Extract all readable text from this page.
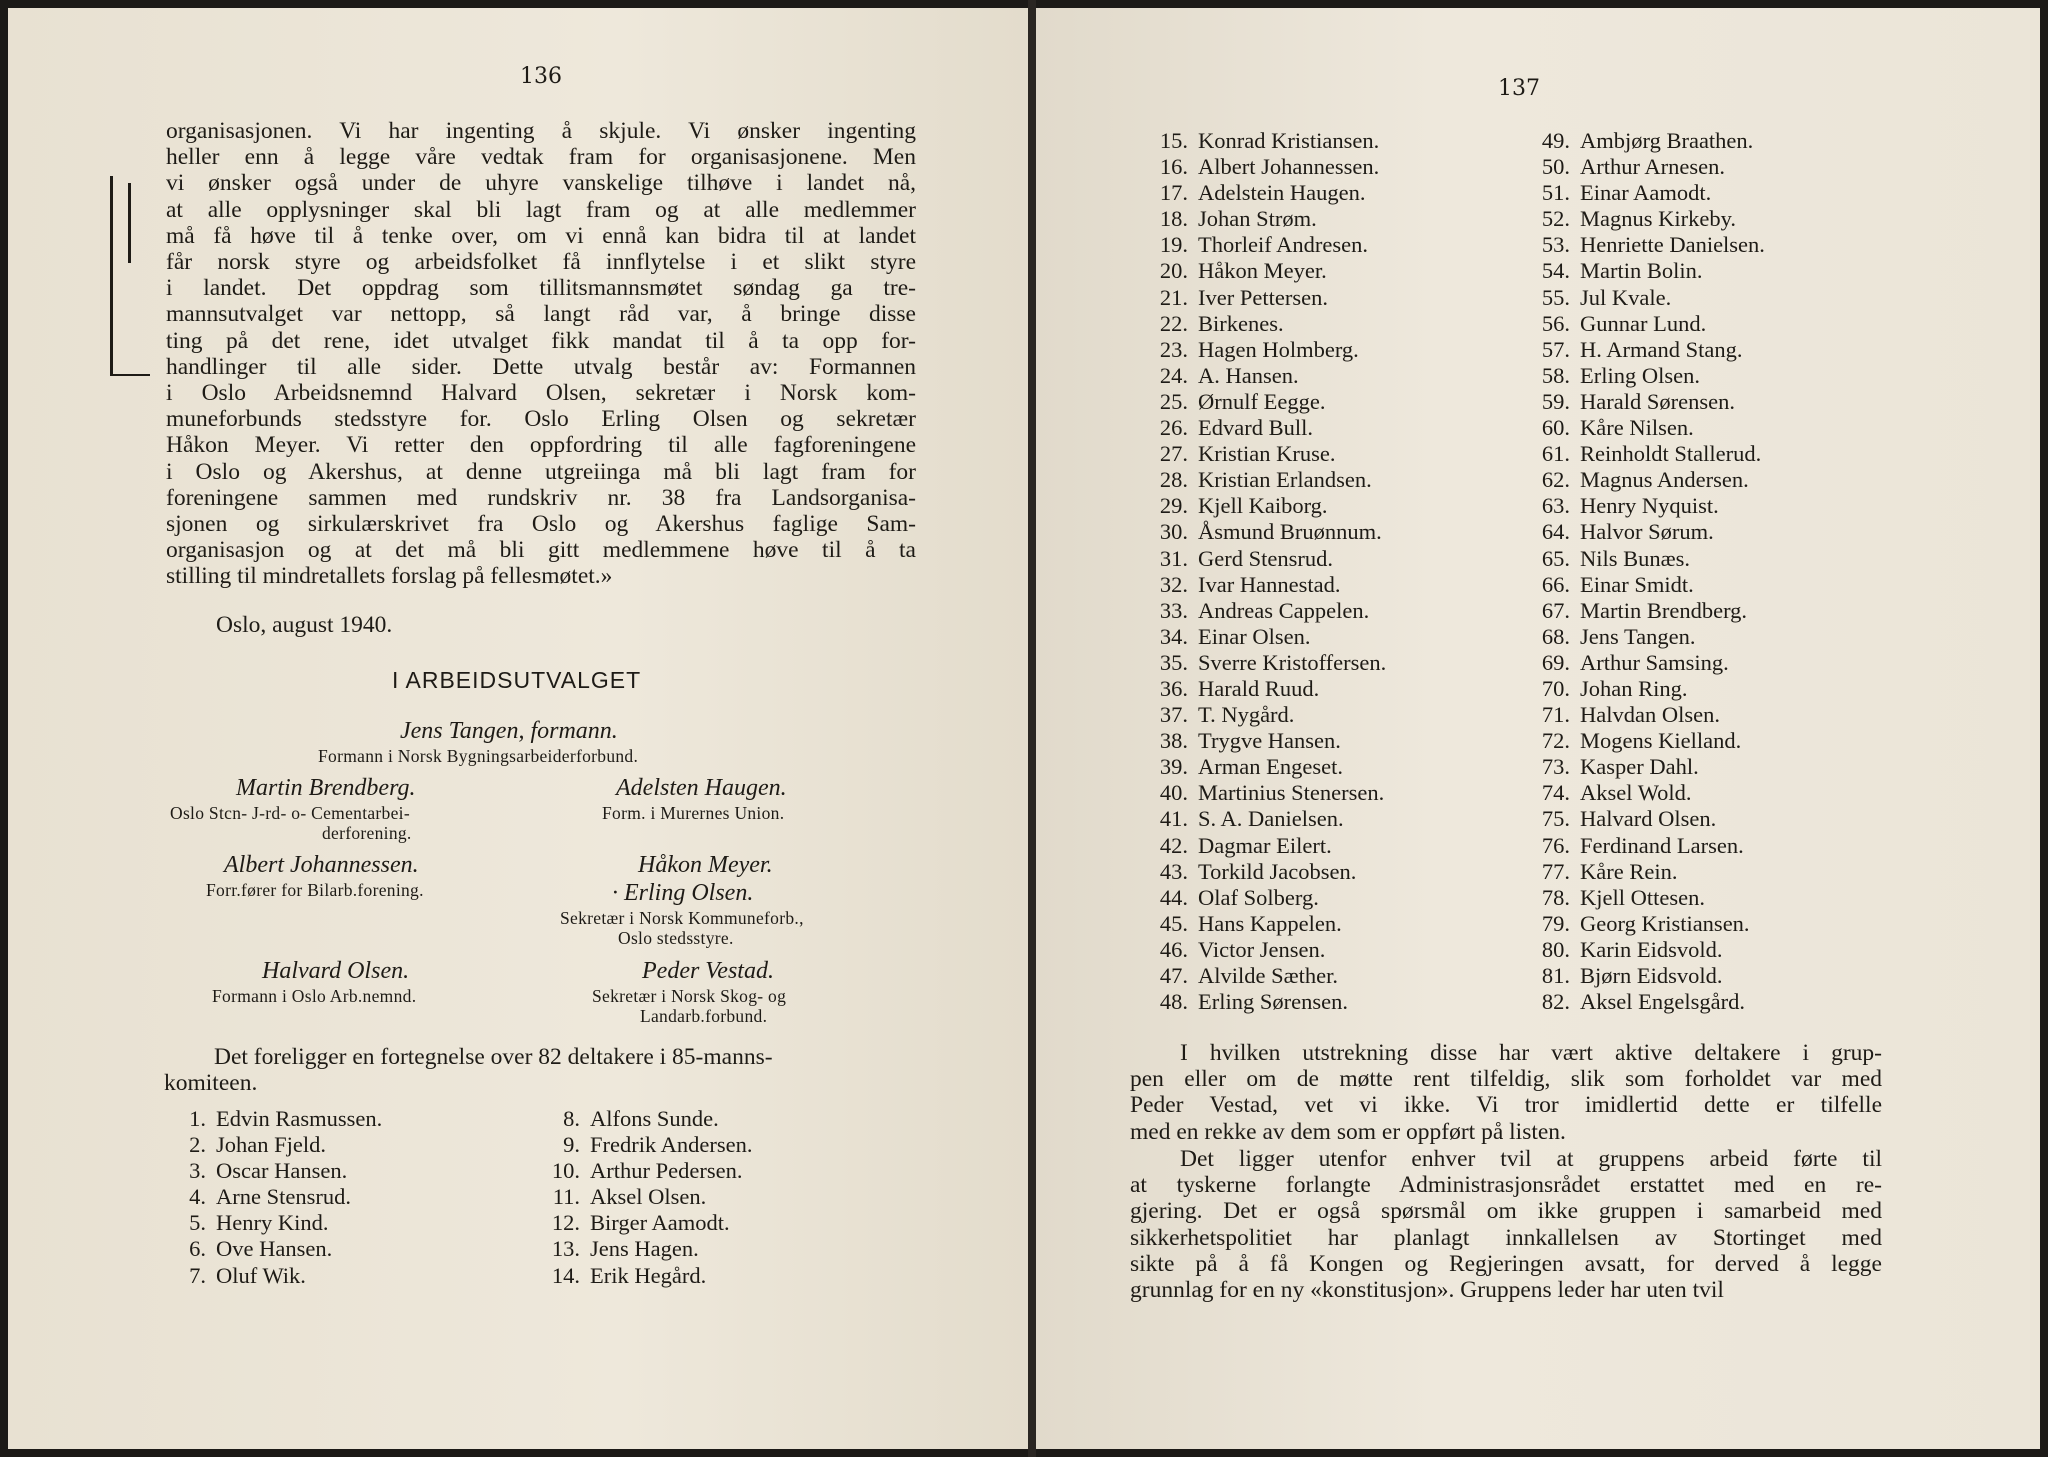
136
organisasjonen. Vi har ingenting å skjule. Vi ønsker ingenting
heller enn å legge våre vedtak fram for organisasjonene. Men
vi ønsker også under de uhyre vanskelige tilhøve i landet nå,
at alle opplysninger skal bli lagt fram og at alle medlemmer
må få høve til å tenke over, om vi ennå kan bidra til at landet
får norsk styre og arbeidsfolket få innflytelse i et slikt styre
i landet. Det oppdrag som tillitsmannsmøtet søndag ga tre-
mannsutvalget var nettopp, så langt råd var, å bringe disse
ting på det rene, idet utvalget fikk mandat til å ta opp for-
handlinger til alle sider. Dette utvalg består av: Formannen
i Oslo Arbeidsnemnd Halvard Olsen, sekretær i Norsk kom-
muneforbunds stedsstyre for. Oslo Erling Olsen og sekretær
Håkon Meyer. Vi retter den oppfordring til alle fagforeningene
i Oslo og Akershus, at denne utgreiinga må bli lagt fram for
foreningene sammen med rundskriv nr. 38 fra Landsorganisa-
sjonen og sirkulærskrivet fra Oslo og Akershus faglige Sam-
organisasjon og at det må bli gitt medlemmene høve til å ta
stilling til mindretallets forslag på fellesmøtet.»
Oslo, august 1940.
I ARBEIDSUTVALGET
Jens Tangen, formann.
Formann i Norsk Bygningsarbeiderforbund.
Martin Brendberg.
Oslo Stcn- J-rd- o- Cementarbei-
derforening.
Adelsten Haugen.
Form. i Murernes Union.
Albert Johannessen.
Forr.fører for Bilarb.forening.
Håkon Meyer.
· Erling Olsen.
Sekretær i Norsk Kommuneforb.,
Oslo stedsstyre.
Halvard Olsen.
Formann i Oslo Arb.nemnd.
Peder Vestad.
Sekretær i Norsk Skog- og
Landarb.forbund.
Det foreligger en fortegnelse over 82 deltakere i 85-manns-
komiteen.
1. Edvin Rasmussen.
2. Johan Fjeld.
3. Oscar Hansen.
4. Arne Stensrud.
5. Henry Kind.
6. Ove Hansen.
7. Oluf Wik.
8. Alfons Sunde.
9. Fredrik Andersen.
10. Arthur Pedersen.
11. Aksel Olsen.
12. Birger Aamodt.
13. Jens Hagen.
14. Erik Hegård.
137
15. Konrad Kristiansen.
16. Albert Johannessen.
17. Adelstein Haugen.
18. Johan Strøm.
19. Thorleif Andresen.
20. Håkon Meyer.
21. Iver Pettersen.
22. Birkenes.
23. Hagen Holmberg.
24. A. Hansen.
25. Ørnulf Eegge.
26. Edvard Bull.
27. Kristian Kruse.
28. Kristian Erlandsen.
29. Kjell Kaiborg.
30. Åsmund Bruønnum.
31. Gerd Stensrud.
32. Ivar Hannestad.
33. Andreas Cappelen.
34. Einar Olsen.
35. Sverre Kristoffersen.
36. Harald Ruud.
37. T. Nygård.
38. Trygve Hansen.
39. Arman Engeset.
40. Martinius Stenersen.
41. S. A. Danielsen.
42. Dagmar Eilert.
43. Torkild Jacobsen.
44. Olaf Solberg.
45. Hans Kappelen.
46. Victor Jensen.
47. Alvilde Sæther.
48. Erling Sørensen.
49. Ambjørg Braathen.
50. Arthur Arnesen.
51. Einar Aamodt.
52. Magnus Kirkeby.
53. Henriette Danielsen.
54. Martin Bolin.
55. Jul Kvale.
56. Gunnar Lund.
57. H. Armand Stang.
58. Erling Olsen.
59. Harald Sørensen.
60. Kåre Nilsen.
61. Reinholdt Stallerud.
62. Magnus Andersen.
63. Henry Nyquist.
64. Halvor Sørum.
65. Nils Bunæs.
66. Einar Smidt.
67. Martin Brendberg.
68. Jens Tangen.
69. Arthur Samsing.
70. Johan Ring.
71. Halvdan Olsen.
72. Mogens Kielland.
73. Kasper Dahl.
74. Aksel Wold.
75. Halvard Olsen.
76. Ferdinand Larsen.
77. Kåre Rein.
78. Kjell Ottesen.
79. Georg Kristiansen.
80. Karin Eidsvold.
81. Bjørn Eidsvold.
82. Aksel Engelsgård.
I hvilken utstrekning disse har vært aktive deltakere i grup-
pen eller om de møtte rent tilfeldig, slik som forholdet var med
Peder Vestad, vet vi ikke. Vi tror imidlertid dette er tilfelle
med en rekke av dem som er oppført på listen.
Det ligger utenfor enhver tvil at gruppens arbeid førte til
at tyskerne forlangte Administrasjonsrådet erstattet med en re-
gjering. Det er også spørsmål om ikke gruppen i samarbeid med
sikkerhetspolitiet har planlagt innkallelsen av Stortinget med
sikte på å få Kongen og Regjeringen avsatt, for derved å legge
grunnlag for en ny «konstitusjon». Gruppens leder har uten tvil
